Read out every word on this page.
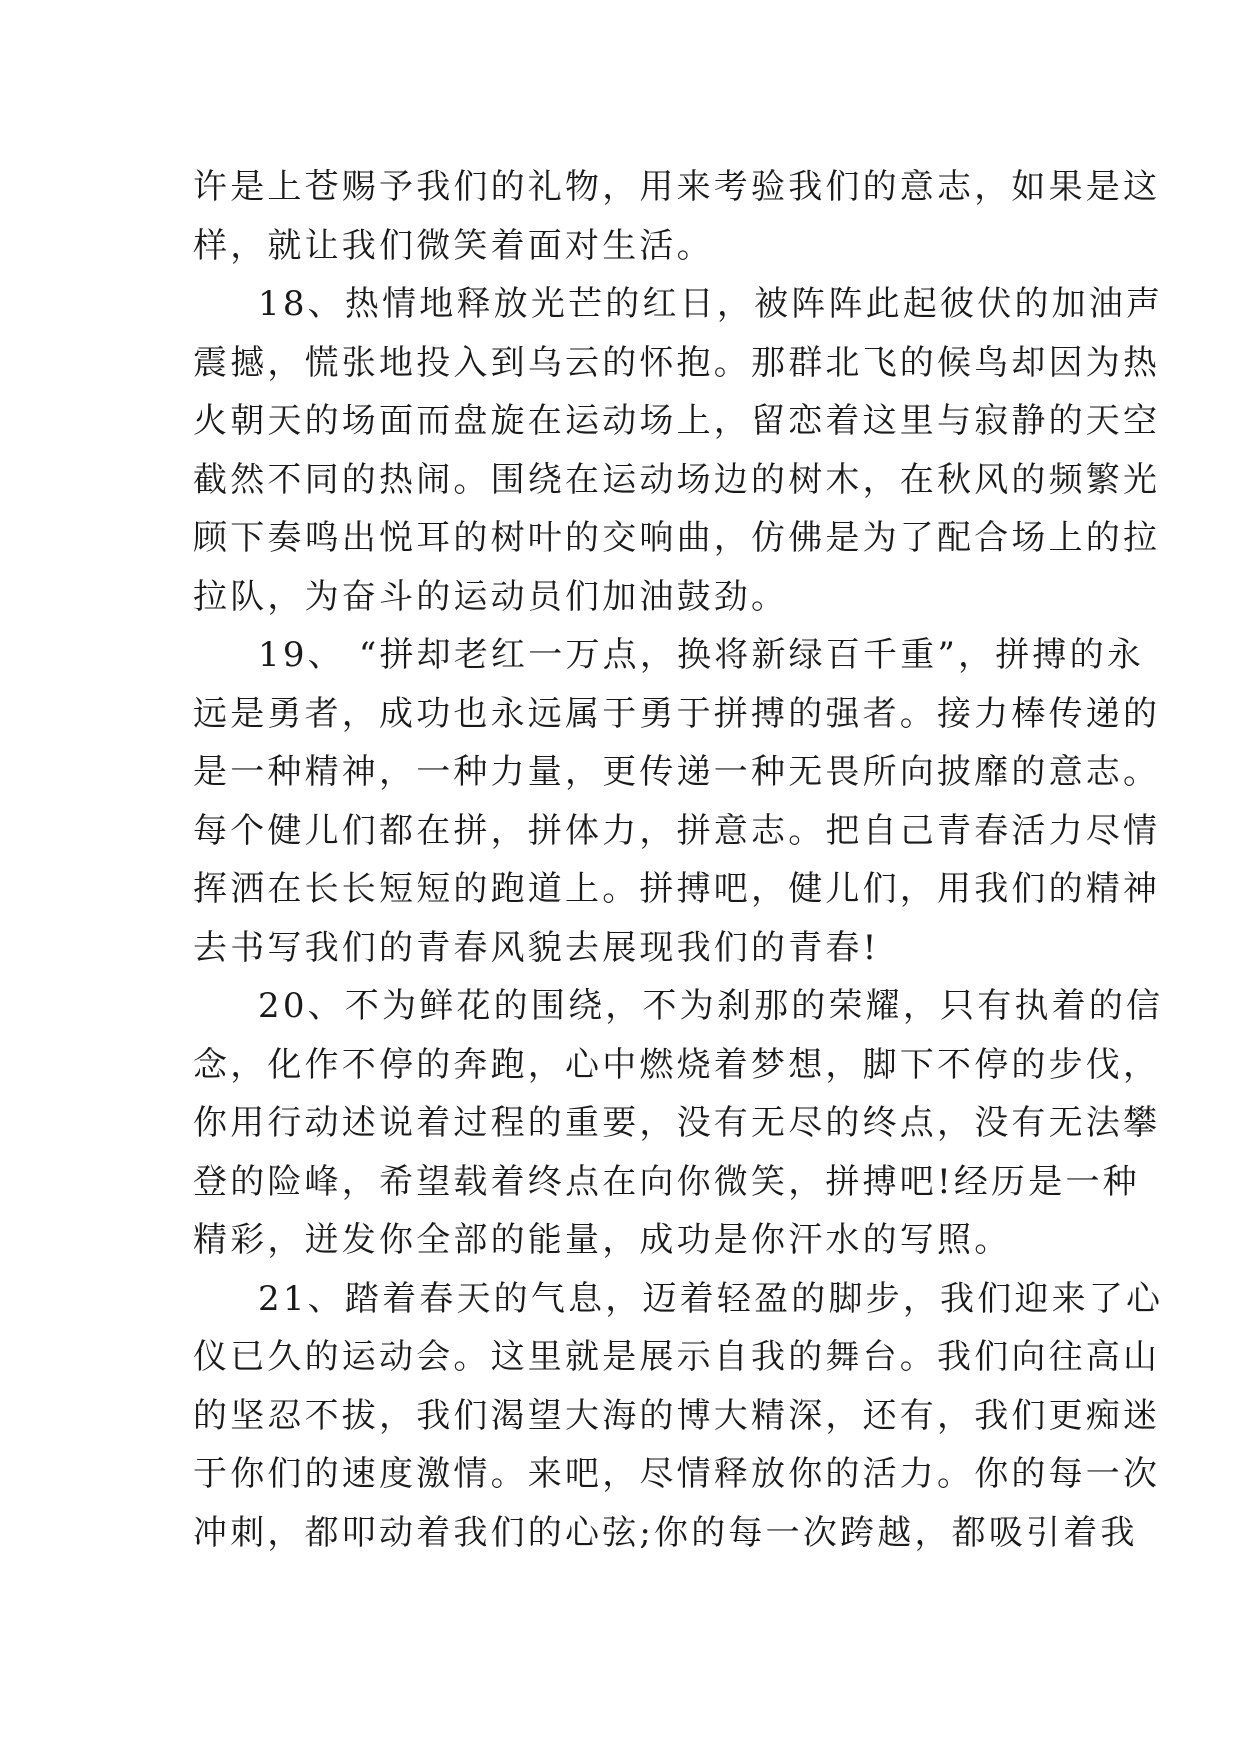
许是上苍赐予我们的礼物，用来考验我们的意志，如果是这
样，就让我们微笑着面对生活。

18、热情地释放光芒的红日，被阵阵此起彼伏的加油声
震撼，慌张地投入到乌云的怀抱。那群北飞的候鸟却因为热
火朝天的场面而盘旋在运动场上，留恋着这里与寂静的天空
截然不同的热闹。围绕在运动场边的树木，在秋风的频繁光
顾下奏鸣出悦耳的树叶的交响曲，仿佛是为了配合场上的拉
拉队，为奋斗的运动员们加油鼓劲。

19、 “拼却老红一万点，换将新绿百千重”，拼搏的永
远是勇者，成功也永远属于勇于拼搏的强者。接力棒传递的
是一种精神，一种力量，更传递一种无畏所向披靡的意志。
每个健儿们都在拼，拼体力，拼意志。把自己青春活力尽情
挥洒在长长短短的跑道上。拼搏吧，健儿们，用我们的精神
去书写我们的青春风貌去展现我们的青春!

20、不为鲜花的围绕，不为刹那的荣耀，只有执着的信
念，化作不停的奔跑，心中燃烧着梦想，脚下不停的步伐，
你用行动述说着过程的重要，没有无尽的终点，没有无法攀
登的险峰，希望载着终点在向你微笑，拼搏吧!经历是一种
精彩，迸发你全部的能量，成功是你汗水的写照。

21、踏着春天的气息，迈着轻盈的脚步，我们迎来了心
仪已久的运动会。这里就是展示自我的舞台。我们向往高山
的坚忍不拔，我们渴望大海的博大精深，还有，我们更痴迷
于你们的速度激情。来吧，尽情释放你的活力。你的每一次
冲刺，都叩动着我们的心弦;你的每一次跨越，都吸引着我
